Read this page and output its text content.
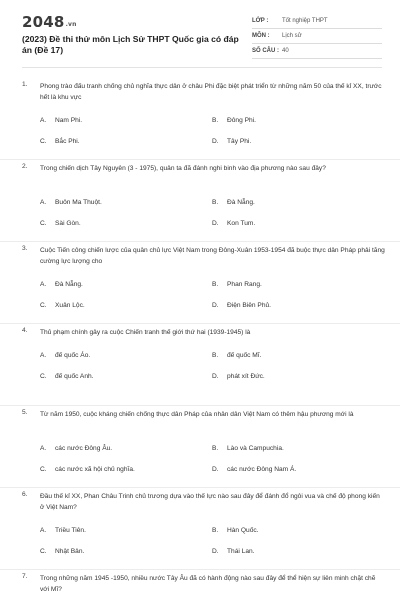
2048.vn
(2023) Đề thi thử môn Lịch Sử THPT Quốc gia có đáp án (Đề 17)
LỚP : Tốt nghiệp THPT
MÔN : Lịch sử
SỐ CÂU : 40
1. Phong trào đấu tranh chống chủ nghĩa thực dân ở châu Phi đặc biệt phát triển từ những năm 50 của thế kỉ XX, trước hết là khu vực
A. Nam Phi.	B. Đông Phi.
C. Bắc Phi.	D. Tây Phi.
2. Trong chiến dịch Tây Nguyên (3 - 1975), quân ta đã đánh nghi binh vào địa phương nào sau đây?
A. Buôn Ma Thuột.	B. Đà Nẵng.
C. Sài Gòn.	D. Kon Tum.
3. Cuộc Tiến công chiến lược của quân chủ lực Việt Nam trong Đông-Xuân 1953-1954 đã buộc thực dân Pháp phải tăng cường lực lượng cho
A. Đà Nẵng.	B. Phan Rang.
C. Xuân Lộc.	D. Điện Biên Phủ.
4. Thủ phạm chính gây ra cuộc Chiến tranh thế giới thứ hai (1939-1945) là
A. đế quốc Áo.	B. đế quốc Mĩ.
C. đế quốc Anh.	D. phát xít Đức.
5. Từ năm 1950, cuộc kháng chiến chống thực dân Pháp của nhân dân Việt Nam có thêm hậu phương mới là
A. các nước Đông Âu.	B. Lào và Campuchia.
C. các nước xã hội chủ nghĩa.	D. các nước Đông Nam Á.
6. Đầu thế kỉ XX, Phan Châu Trinh chủ trương dựa vào thế lực nào sau đây để đánh đổ ngôi vua và chế độ phong kiến ở Việt Nam?
A. Triều Tiên.	B. Hàn Quốc.
C. Nhật Bản.	D. Thái Lan.
7. Trong những năm 1945 -1950, nhiều nước Tây Âu đã có hành động nào sau đây để thể hiện sự liên minh chặt chẽ với Mĩ?
